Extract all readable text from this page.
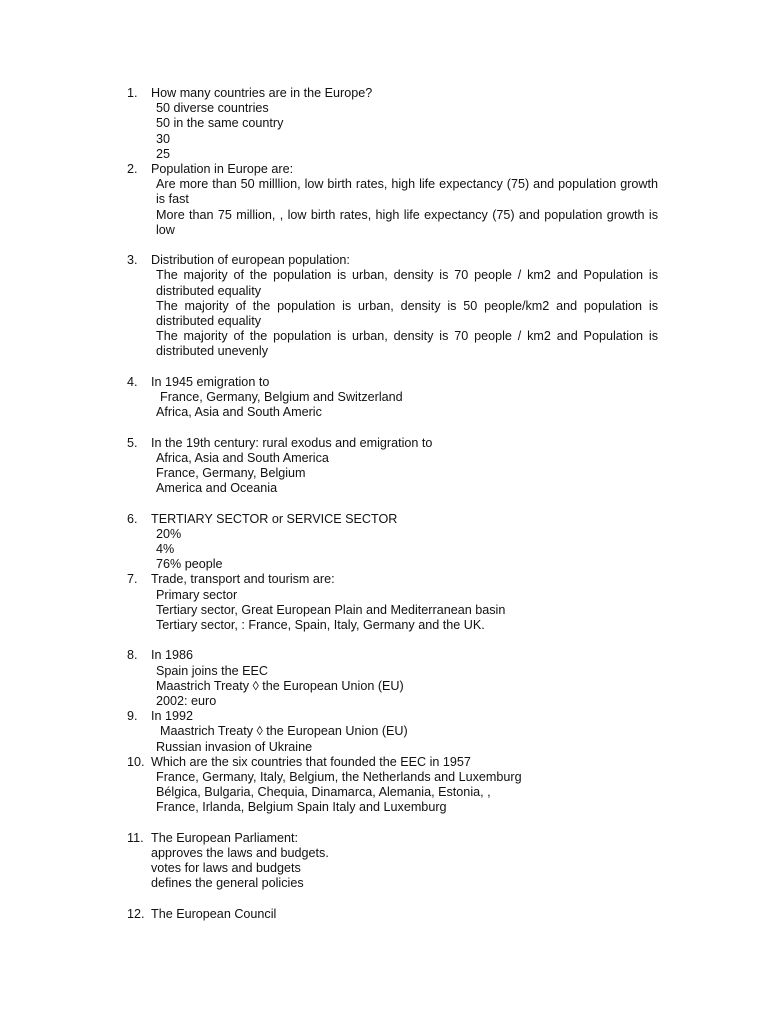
1.	How many countries are in the Europe?
50 diverse countries
50 in the same country
30
25
2.	Population in Europe are:
Are more than 50 milllion, low birth rates, high life expectancy (75) and population growth is fast
More than 75 million, , low birth rates, high life expectancy (75) and population growth is low
3.	Distribution of european population:
The majority of the population is urban, density is 70 people / km2 and Population is distributed equality
The majority of the population is urban, density is 50 people/km2 and population is distributed equality
The majority of the population is urban, density is 70 people / km2 and Population is distributed unevenly
4.	In 1945 emigration to
France, Germany, Belgium and Switzerland
Africa, Asia and South Americ
5.	In the 19th century: rural exodus and emigration to
Africa, Asia and South America
France, Germany, Belgium
America and Oceania
6.	TERTIARY SECTOR or SERVICE SECTOR
20%
4%
76% people
7.	Trade, transport and tourism are:
Primary sector
Tertiary sector, Great European Plain and Mediterranean basin
Tertiary sector, : France, Spain, Italy, Germany and the UK.
8.	In 1986
Spain joins the EEC
Maastrich Treaty ◊ the European Union (EU)
2002: euro
9.	In 1992
Maastrich Treaty ◊ the European Union (EU)
Russian invasion of Ukraine
10. Which are the six countries that founded the EEC in 1957
France, Germany, Italy, Belgium, the Netherlands and Luxemburg
Bélgica, Bulgaria, Chequia, Dinamarca, Alemania, Estonia, ,
France, Irlanda, Belgium Spain Italy and Luxemburg
11. The European Parliament:
approves the laws and budgets.
votes for laws and budgets
defines the general policies
12. The European Council
